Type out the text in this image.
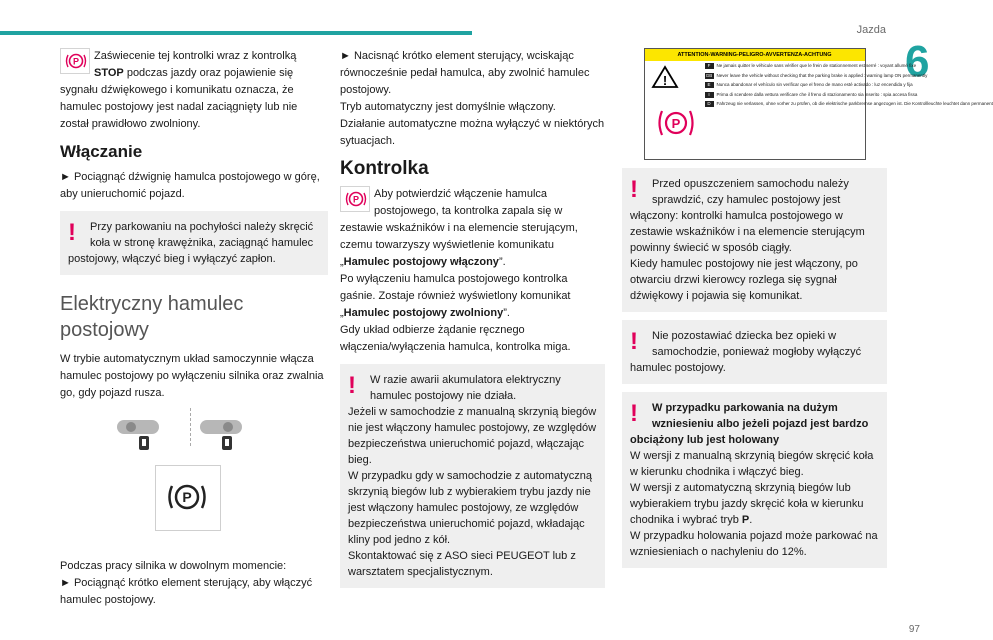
Jazda
6
97
P	Zaświecenie tej kontrolki wraz z kontrolką STOP podczas jazdy oraz pojawienie się sygnału dźwiękowego i komunikatu oznacza, że hamulec postojowy jest nadal zaciągnięty lub nie został prawidłowo zwolniony.

Włączanie

► Pociągnąć dźwignię hamulca postojowego w górę, aby unieruchomić pojazd.

!	Przy parkowaniu na pochyłości należy skręcić koła w stronę krawężnika, zaciągnąć hamulec postojowy, włączyć bieg i wyłączyć zapłon.

Elektryczny hamulec postojowy

W trybie automatycznym układ samoczynnie włącza hamulec postojowy po wyłączeniu silnika oraz zwalnia go, gdy pojazd rusza.

P

Podczas pracy silnika w dowolnym momencie:

► Pociągnąć krótko element sterujący, aby włączyć hamulec postojowy.

► Nacisnąć krótko element sterujący, wciskając równocześnie pedał hamulca, aby zwolnić hamulec postojowy.

Tryb automatyczny jest domyślnie włączony.

Działanie automatyczne można wyłączyć w niektórych sytuacjach.

Kontrolka
P	Aby potwierdzić włączenie hamulca postojowego, ta kontrolka zapala się w zestawie wskaźników i na elemencie sterującym, czemu towarzyszy wyświetlenie komunikatu „Hamulec postojowy włączony”.

Po wyłączeniu hamulca postojowego kontrolka gaśnie. Zostaje również wyświetlony komunikat „Hamulec postojowy zwolniony”.

Gdy układ odbierze żądanie ręcznego włączenia/wyłączenia hamulca, kontrolka miga.

!	W razie awarii akumulatora elektryczny hamulec postojowy nie działa.

Jeżeli w samochodzie z manualną skrzynią biegów nie jest włączony hamulec postojowy, ze względów bezpieczeństwa unieruchomić pojazd, włączając bieg.

W przypadku gdy w samochodzie z automatyczną skrzynią biegów lub z wybierakiem trybu jazdy nie jest włączony hamulec postojowy, ze względów bezpieczeństwa unieruchomić pojazd, wkładając kliny pod jedno z kół.

Skontaktować się z ASO sieci PEUGEOT lub z warsztatem specjalistycznym.

ATTENTION-WARNING-PELIGRO-AVVERTENZA-ACHTUNG
!
P
F Ne jamais quitter le véhicule sans vérifier que le frein de stationnement est serré : voyant allumé fixe
GB Never leave the vehicle without checking that the parking brake is applied : warning lamp ON permanently
E Nunca abandonar el vehículo sin verificar que el freno de mano esté activado : luz encendida y fija
I Prima di scendere dalla vettura verificare che il freno di stazionamento sia inserito : spia accesa fissa
D Fahrzeug nie verlassen, ohne vorher zu prüfen, ob die elektrische parkbremse angezogen ist. Die Kontrollleuchte leuchtet dann permanent
!	Przed opuszczeniem samochodu należy sprawdzić, czy hamulec postojowy jest włączony: kontrolki hamulca postojowego w zestawie wskaźników i na elemencie sterującym powinny świecić w sposób ciągły.

Kiedy hamulec postojowy nie jest włączony, po otwarciu drzwi kierowcy rozlega się sygnał dźwiękowy i pojawia się komunikat.

!	Nie pozostawiać dziecka bez opieki w samochodzie, ponieważ mogłoby wyłączyć hamulec postojowy.

!	W przypadku parkowania na dużym wzniesieniu albo jeżeli pojazd jest bardzo obciążony lub jest holowany

W wersji z manualną skrzynią biegów skręcić koła w kierunku chodnika i włączyć bieg.

W wersji z automatyczną skrzynią biegów lub wybierakiem trybu jazdy skręcić koła w kierunku chodnika i wybrać tryb P.

W przypadku holowania pojazd może parkować na wzniesieniach o nachyleniu do 12%.
